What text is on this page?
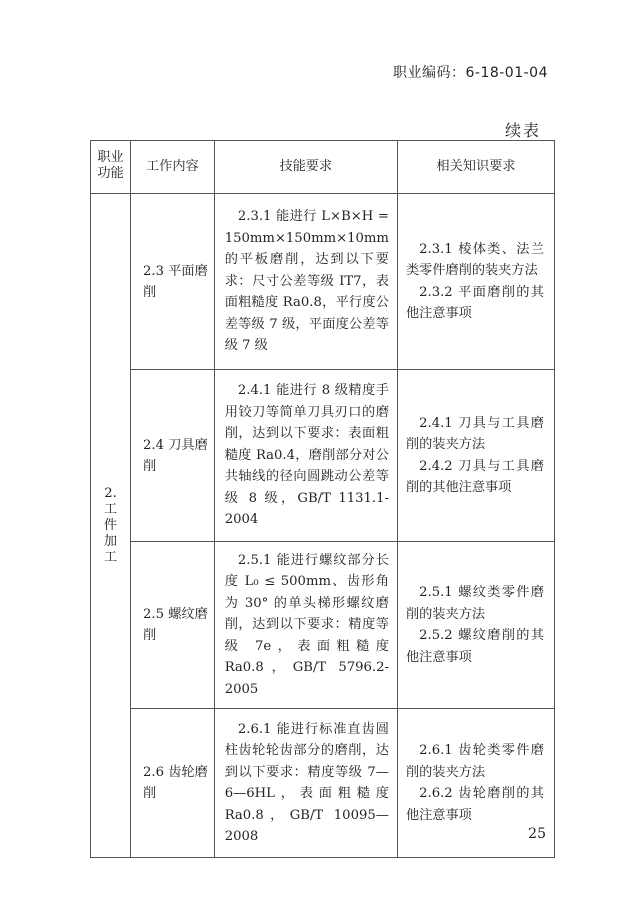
职业编码：6-18-01-04
续表
职业功能	工作内容	技能要求	相关知识要求
2. 工件加工	2.3 平面磨削	2.3.1 能进行 L×B×H = 150mm×150mm×10mm 的平板磨削，达到以下要求：尺寸公差等级 IT7，表面粗糙度 Ra0.8，平行度公差等级 7 级，平面度公差等级 7 级	2.3.1 棱体类、法兰类零件磨削的装夹方法
2.3.2 平面磨削的其他注意事项

	2.4 刀具磨削	2.4.1 能进行 8 级精度手用铰刀等简单刀具刃口的磨削，达到以下要求：表面粗糙度 Ra0.4，磨削部分对公共轴线的径向圆跳动公差等级 8 级，GB/T 1131.1-2004	2.4.1 刀具与工具磨削的装夹方法
2.4.2 刀具与工具磨削的其他注意事项

	2.5 螺纹磨削	2.5.1 能进行螺纹部分长度 L₀ ≤ 500mm、齿形角为 30° 的单头梯形螺纹磨削，达到以下要求：精度等级 7e，表面粗糙度 Ra0.8，GB/T 5796.2-2005	2.5.1 螺纹类零件磨削的装夹方法
2.5.2 螺纹磨削的其他注意事项

	2.6 齿轮磨削	2.6.1 能进行标准直齿圆柱齿轮轮齿部分的磨削，达到以下要求：精度等级 7—6—6HL，表面粗糙度 Ra0.8，GB/T 10095—2008	2.6.1 齿轮类零件磨削的装夹方法
2.6.2 齿轮磨削的其他注意事项
25
